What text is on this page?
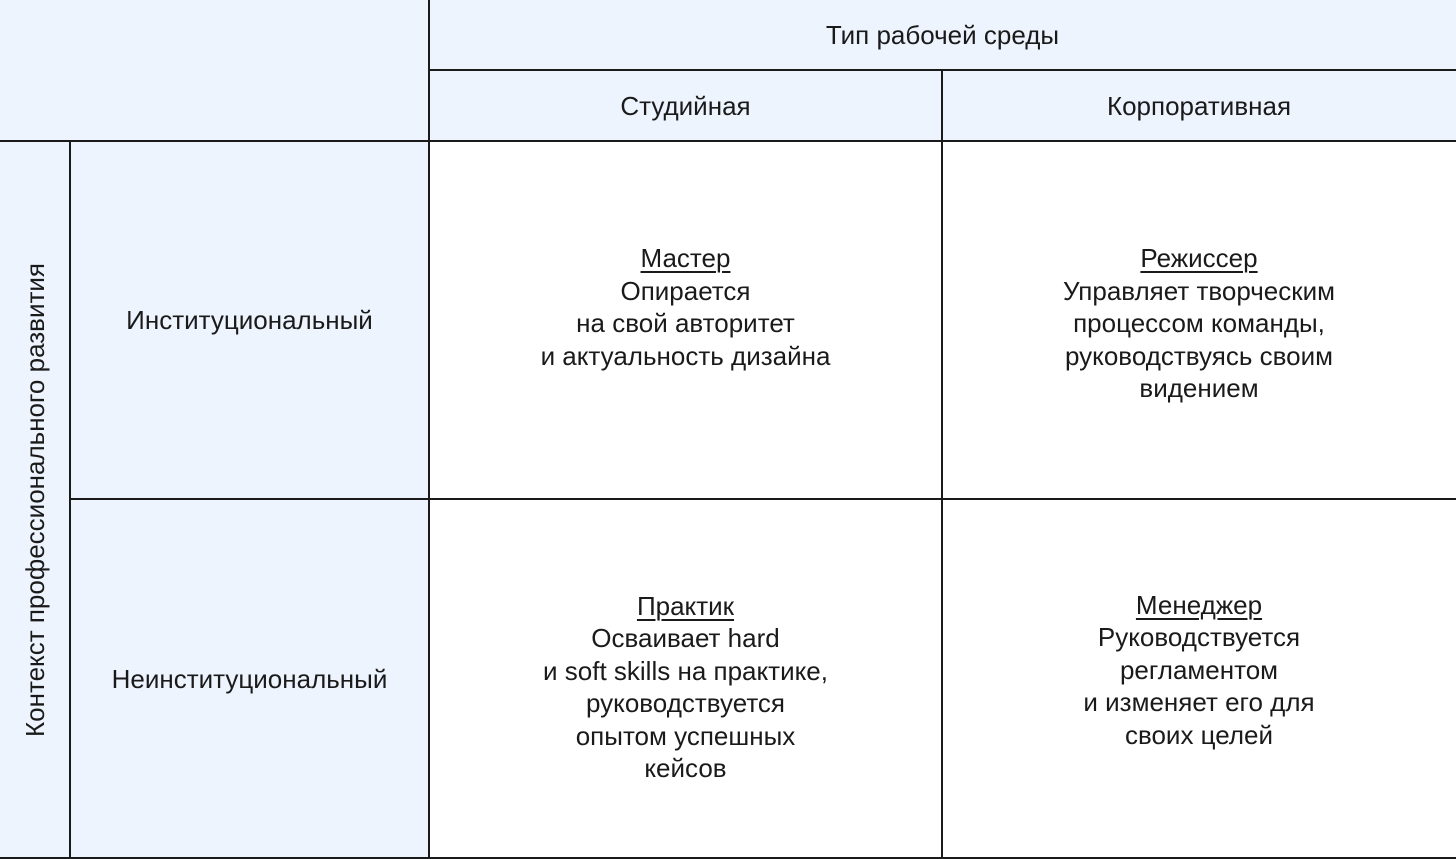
Тип рабочей среды
Студийная	Корпоративная
Контекст профессионального развития	Институциональный
Неинституциональный
Мастер
Опирается
на свой авторитет
и актуальность дизайна
Режиссер
Управляет творческим
процессом команды,
руководствуясь своим
видением
Практик
Осваивает hard
и soft skills на практике,
руководствуется
опытом успешных
кейсов
Менеджер
Руководствуется
регламентом
и изменяет его для
своих целей
